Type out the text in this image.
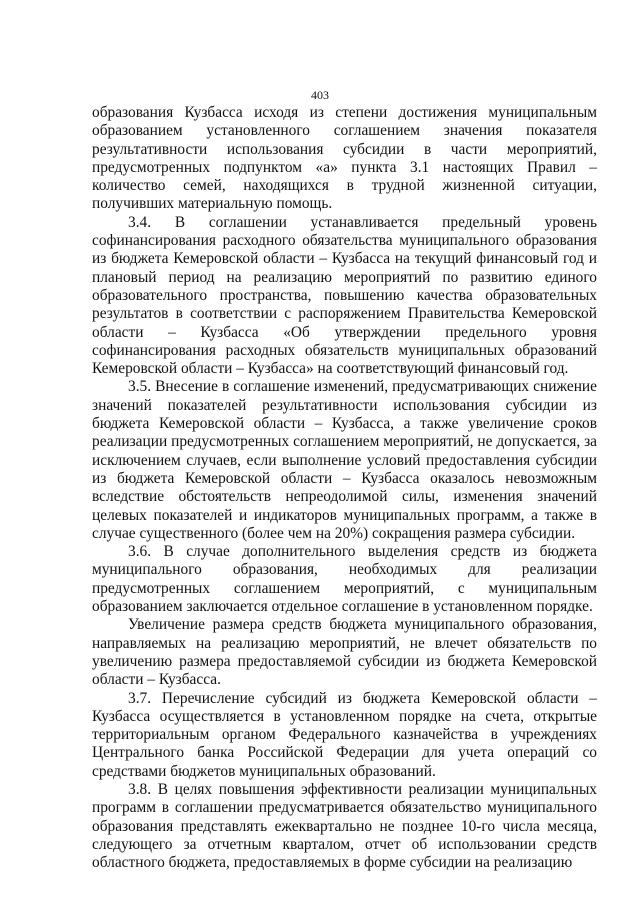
403

образования Кузбасса исходя из степени достижения муниципальным образованием установленного соглашением значения показателя результативности использования субсидии в части мероприятий, предусмотренных подпунктом «а» пункта 3.1 настоящих Правил – количество семей, находящихся в трудной жизненной ситуации, получивших материальную помощь.

3.4. В соглашении устанавливается предельный уровень софинансирования расходного обязательства муниципального образования из бюджета Кемеровской области – Кузбасса на текущий финансовый год и плановый период на реализацию мероприятий по развитию единого образовательного пространства, повышению качества образовательных результатов в соответствии с распоряжением Правительства Кемеровской области – Кузбасса «Об утверждении предельного уровня софинансирования расходных обязательств муниципальных образований Кемеровской области – Кузбасса» на соответствующий финансовый год.

3.5. Внесение в соглашение изменений, предусматривающих снижение значений показателей результативности использования субсидии из бюджета Кемеровской области – Кузбасса, а также увеличение сроков реализации предусмотренных соглашением мероприятий, не допускается, за исключением случаев, если выполнение условий предоставления субсидии из бюджета Кемеровской области – Кузбасса оказалось невозможным вследствие обстоятельств непреодолимой силы, изменения значений целевых показателей и индикаторов муниципальных программ, а также в случае существенного (более чем на 20%) сокращения размера субсидии.

3.6. В случае дополнительного выделения средств из бюджета муниципального образования, необходимых для реализации предусмотренных соглашением мероприятий, с муниципальным образованием заключается отдельное соглашение в установленном порядке.

Увеличение размера средств бюджета муниципального образования, направляемых на реализацию мероприятий, не влечет обязательств по увеличению размера предоставляемой субсидии из бюджета Кемеровской области – Кузбасса.

3.7. Перечисление субсидий из бюджета Кемеровской области – Кузбасса осуществляется в установленном порядке на счета, открытые территориальным органом Федерального казначейства в учреждениях Центрального банка Российской Федерации для учета операций со средствами бюджетов муниципальных образований.

3.8. В целях повышения эффективности реализации муниципальных программ в соглашении предусматривается обязательство муниципального образования представлять ежеквартально не позднее 10-го числа месяца, следующего за отчетным кварталом, отчет об использовании средств областного бюджета, предоставляемых в форме субсидии на реализацию
